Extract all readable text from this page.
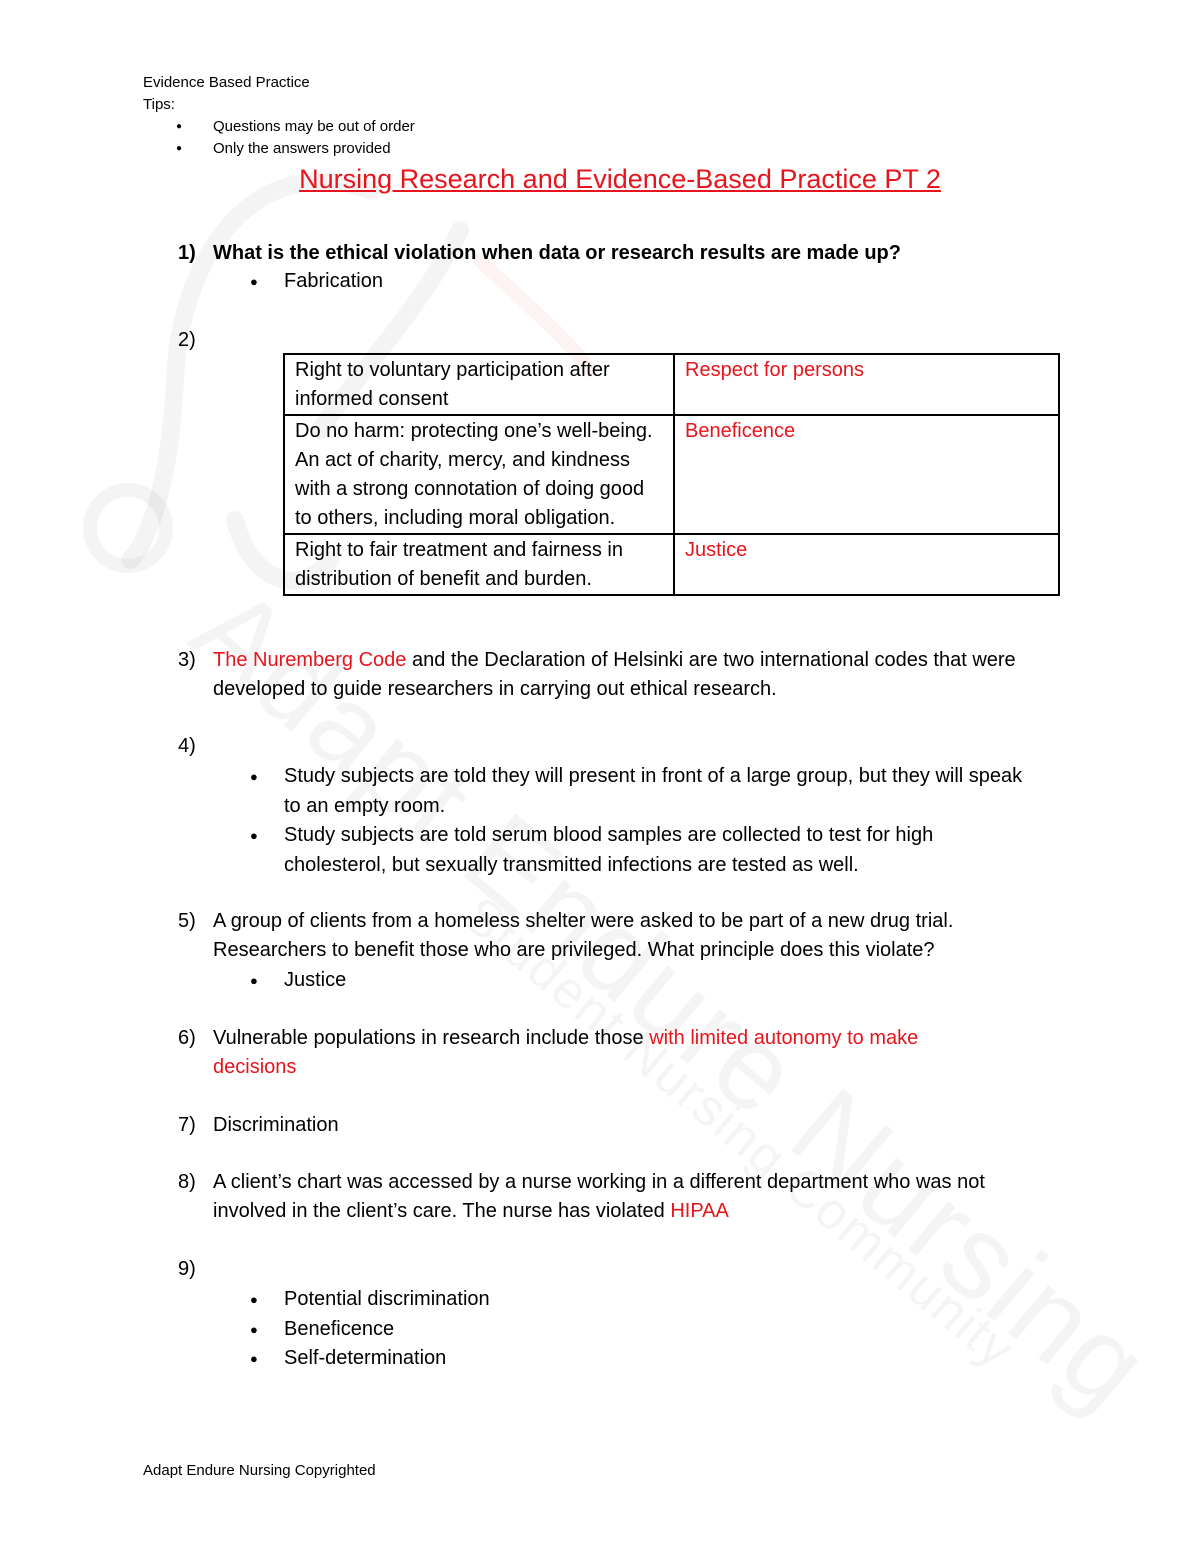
Evidence Based Practice
Tips:
● Questions may be out of order
● Only the answers provided
Nursing Research and Evidence-Based Practice PT 2
1) What is the ethical violation when data or research results are made up?
● Fabrication
2)
Right to voluntary participation after informed consent	Respect for persons
Do no harm: protecting one’s well-being. An act of charity, mercy, and kindness with a strong connotation of doing good to others, including moral obligation.	Beneficence
Right to fair treatment and fairness in distribution of benefit and burden.	Justice
3) The Nuremberg Code and the Declaration of Helsinki are two international codes that were developed to guide researchers in carrying out ethical research.
4)
● Study subjects are told they will present in front of a large group, but they will speak to an empty room.
● Study subjects are told serum blood samples are collected to test for high cholesterol, but sexually transmitted infections are tested as well.
5) A group of clients from a homeless shelter were asked to be part of a new drug trial. Researchers to benefit those who are privileged. What principle does this violate?
● Justice
6) Vulnerable populations in research include those with limited autonomy to make decisions
7) Discrimination
8) A client’s chart was accessed by a nurse working in a different department who was not involved in the client’s care. The nurse has violated HIPAA
9)
● Potential discrimination
● Beneficence
● Self-determination
Adapt Endure Nursing Copyrighted
